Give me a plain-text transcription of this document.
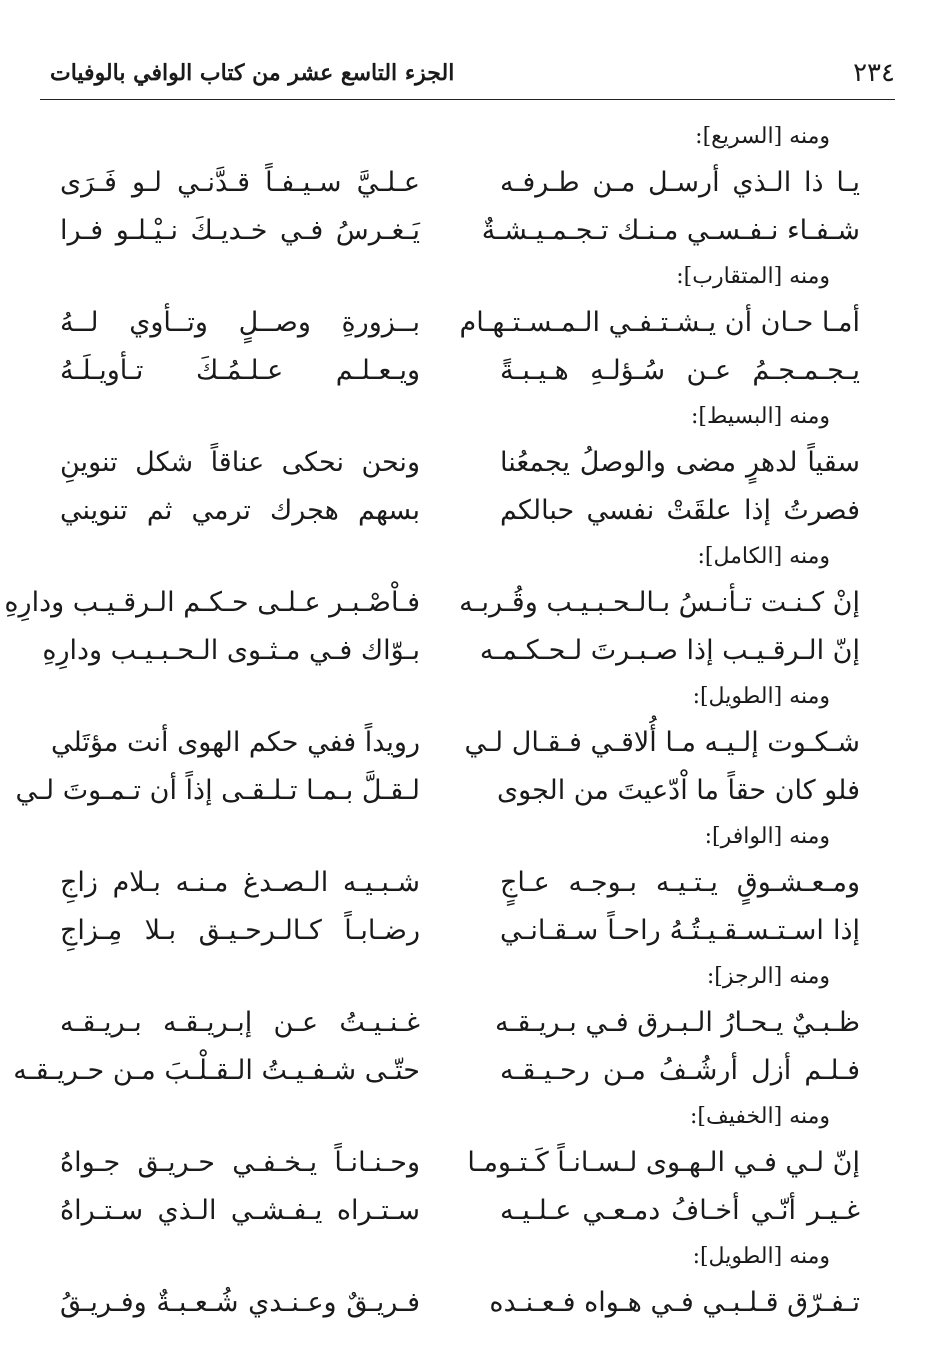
٢٣٤
الجزء التاسع عشر من كتاب الوافي بالوفيات
ومنه [السريع]:
يـا ذا الـذي أرسـل مـن طـرفـه
عـلـيَّ سـيـفـاً قـدَّنـي لـو فَـرَى
شـفـاء نـفـسـي مـنـك تـجـمـيـشـةٌ
يَـغـرسُ فـي خـديـكَ نـيْـلـو فـرا
ومنه [المتقارب]:
أمـا حـان أن يـشـتـفـي الـمـسـتـهـام
بــزورةِ وصــلٍ وتــأوي لــهُ
يـجـمـجـمُ عـن سُـؤلـهِ هـيـبـةً
ويـعـلـم عـلـمُـكَ تـأويـلَـهُ
ومنه [البسيط]:
سقياً لدهرٍ مضى والوصلُ يجمعُنا
ونحن نحكى عناقاً شكل تنوينِ
فصرتُ إذا علقَتْ نفسي حبالكم
بسهم هجرك ترمي ثم تنويني
ومنه [الكامل]:
إنْ كـنـت تـأنـسُ بـالـحـبـيـب وقُـربـه
فـاْصْـبـر عـلـى حـكـم الـرقـيـب ودارِهِ
إنّ الـرقـيـب إذا صـبـرتَ لـحـكـمـه
بـوّاك فـي مـثـوى الـحـبـيـب ودارِهِ
ومنه [الطويل]:
شـكـوت إلـيـه مـا أُلاقـي فـقـال لـي
رويداً ففي حكم الهوى أنت مؤتَلي
فلو كان حقاً ما اْدّعيتَ من الجوى
لـقـلَّ بـمـا تـلـقـى إذاً أن تـمـوتَ لـي
ومنه [الوافر]:
ومـعـشـوقٍ يـتـيـه بـوجـه عـاجٍ
شـبـيـه الـصـدغ مـنـه بـلام زاجِ
إذا اسـتـسـقـيـتُـهُ راحـاً سـقـانـي
رضـابـاً كـالـرحـيـق بـلا مِـزاجِ
ومنه [الرجز]:
ظـبـيٌ يـحـارُ الـبـرق فـي بـريـقـه
غـنـيـتُ عـن إبـريـقـه بـريـقـه
فـلـم أزل أرشُـفُ مـن رحـيـقـه
حتّـى شـفـيـتُ الـقـلْـبَ مـن حـريـقـه
ومنه [الخفيف]:
إنّ لـي فـي الـهـوى لـسـانـاً كَـتـومـا
وحـنـانـاً يـخـفـي حـريـق جـواهُ
غـيـر أنّـي أخـافُ دمـعـي عـلـيـه
سـتـراه يـفـشـي الـذي سـتـراهُ
ومنه [الطويل]:
تـفـرّق قـلـبـي فـي هـواه فـعـنـده
فـريـقٌ وعـنـدي شُـعـبـةٌ وفـريـقُ
